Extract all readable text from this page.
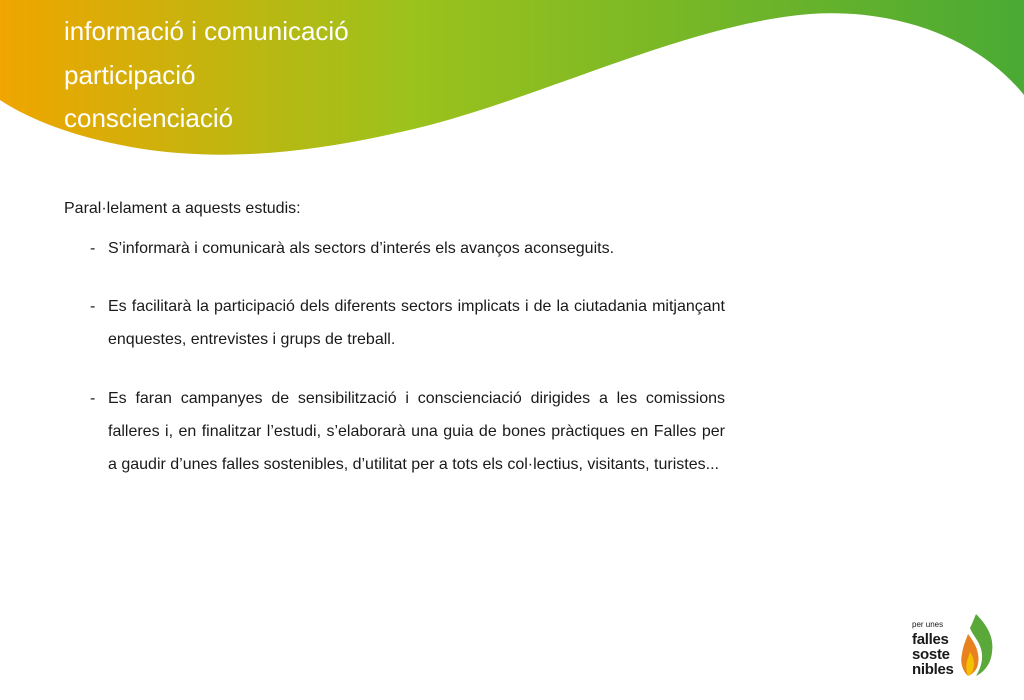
informació i comunicació
participació
conscienciació
Paral·lelament a aquests estudis:
- S’informarà i comunicarà als sectors d’interés els avanços aconseguits.
- Es facilitarà la participació dels diferents sectors implicats i de la ciutadania mitjançant enquestes, entrevistes i grups de treball.
- Es faran campanyes de sensibilització i conscienciació dirigides a les comissions falleres i, en finalitzar l’estudi, s’elaborarà una guia de bones pràctiques en Falles per a gaudir d’unes falles sostenibles, d’utilitat per a tots els col·lectius, visitants, turistes...
per unes
falles
soste
nibles
